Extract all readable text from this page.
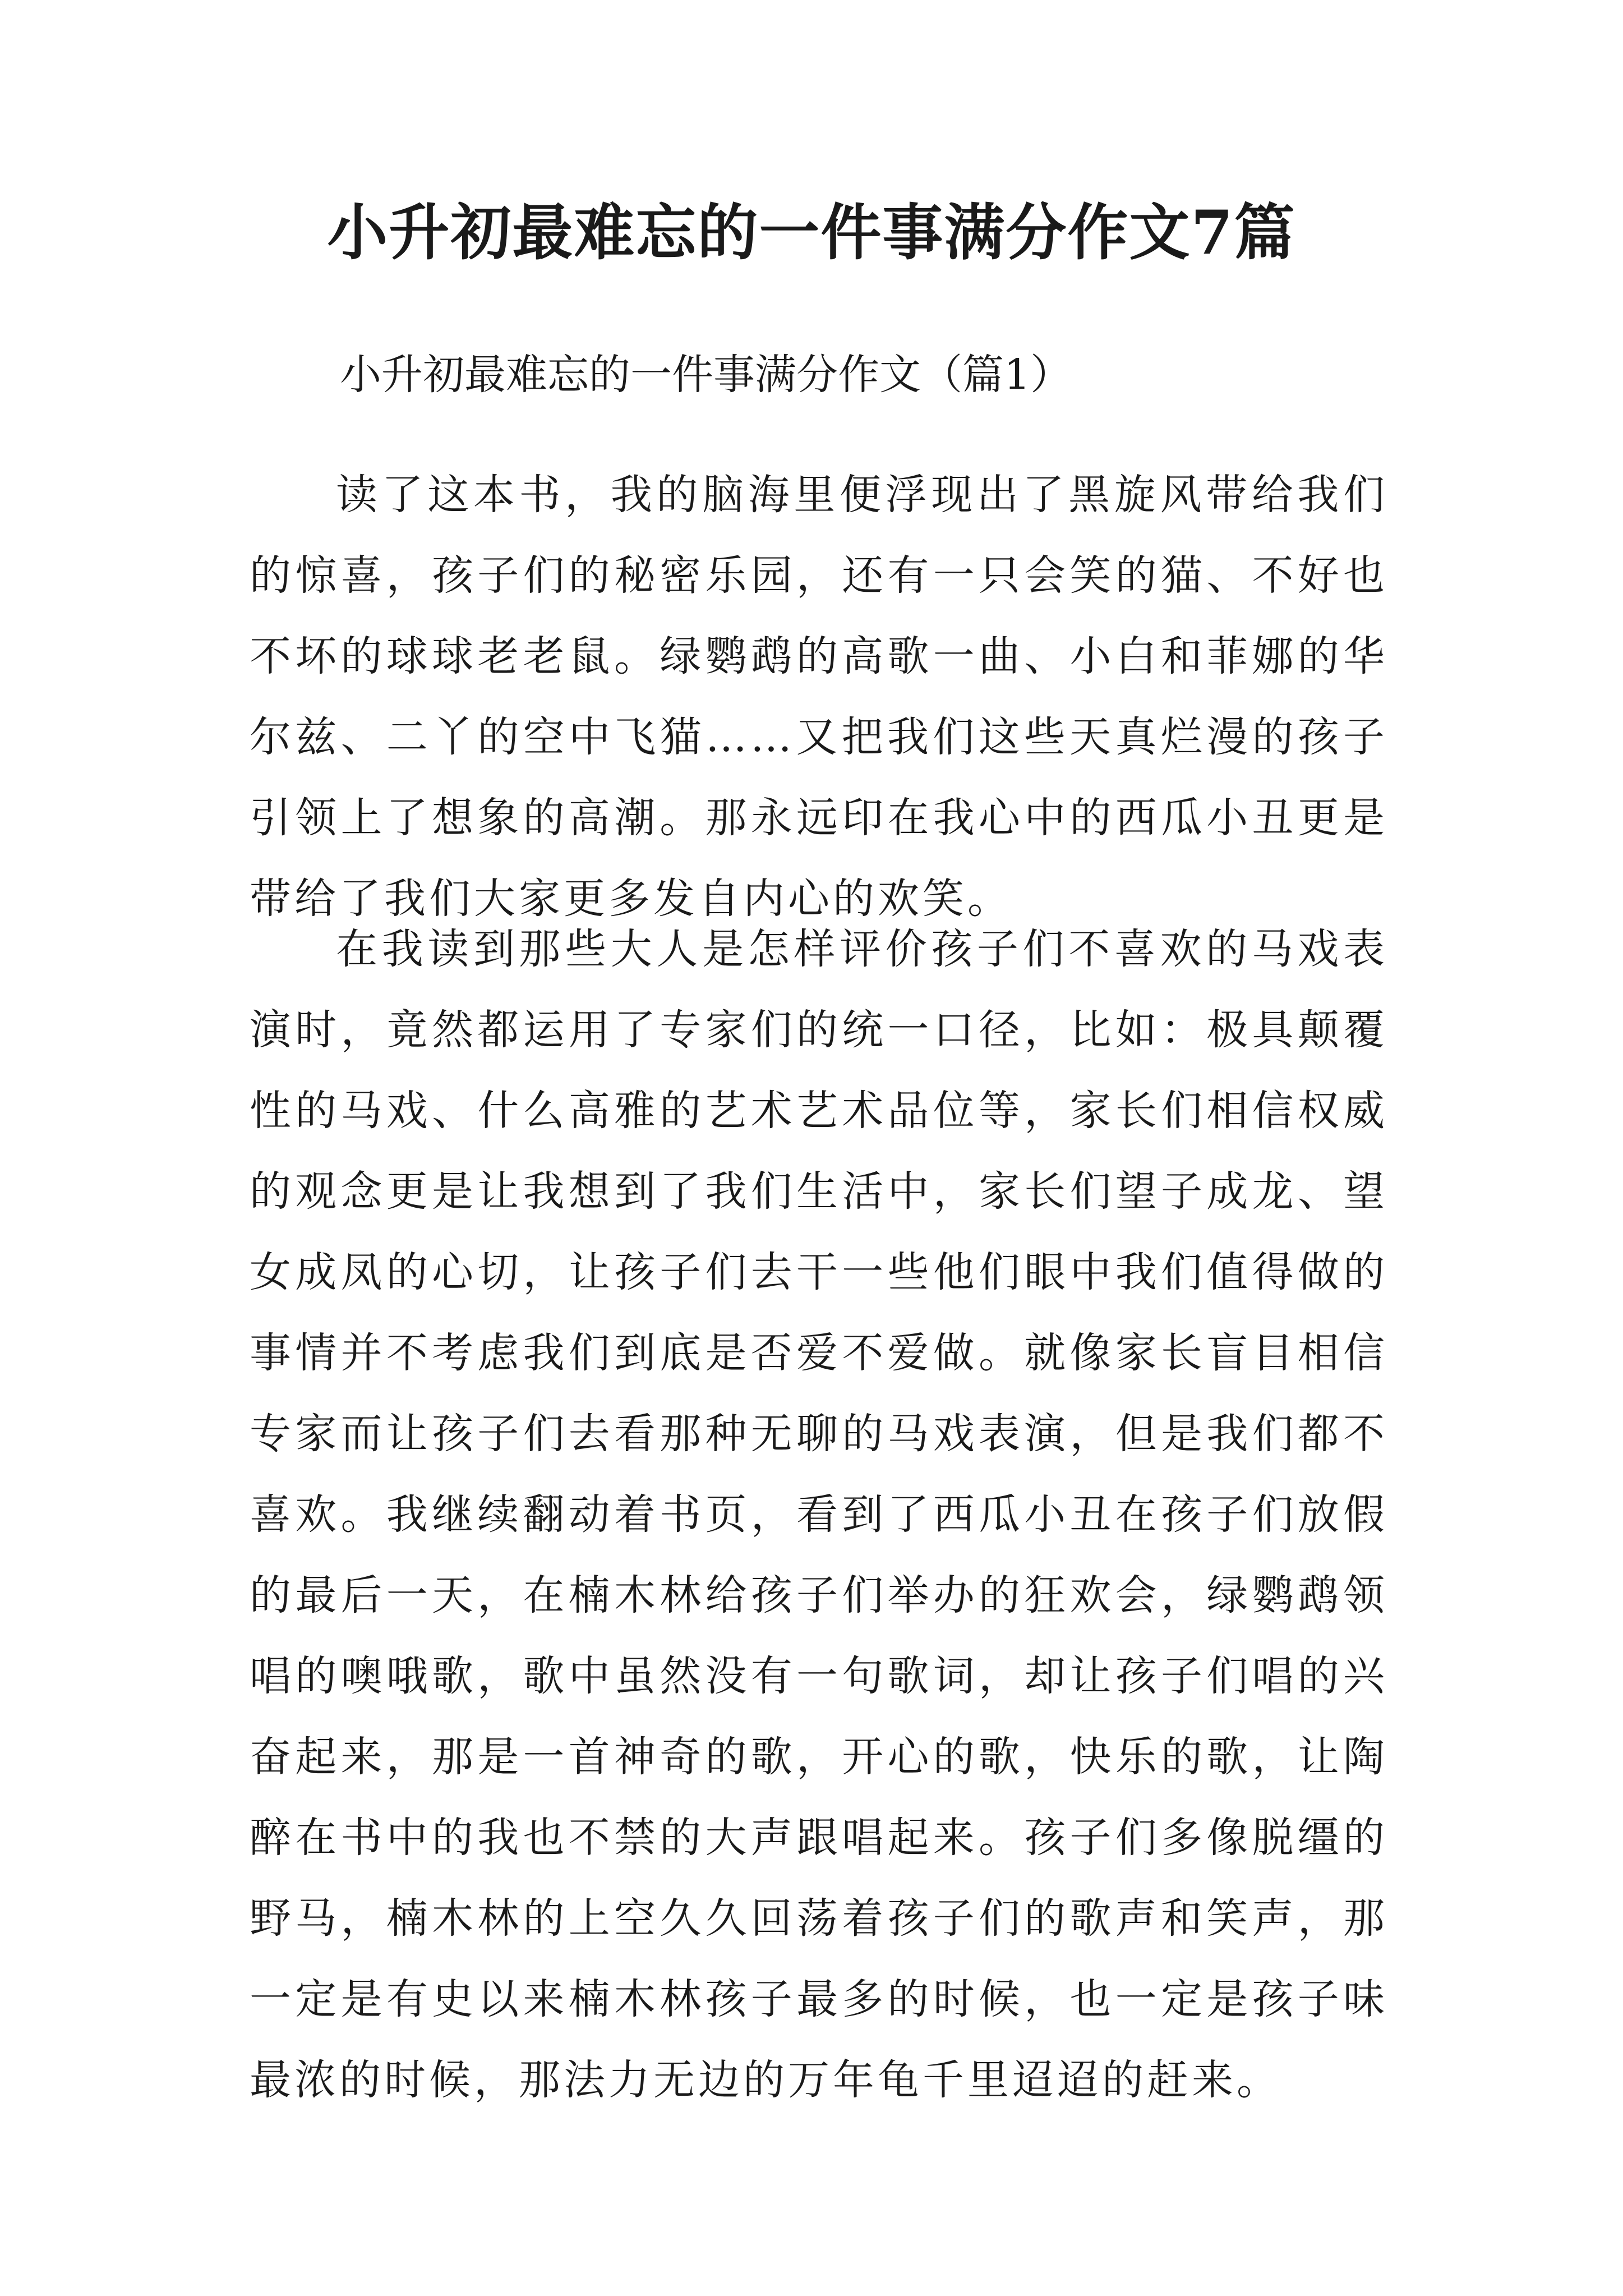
小升初最难忘的一件事满分作文7篇

小升初最难忘的一件事满分作文（篇1）

读了这本书，我的脑海里便浮现出了黑旋风带给我们的惊喜，孩子们的秘密乐园，还有一只会笑的猫、不好也不坏的球球老老鼠。绿鹦鹉的高歌一曲、小白和菲娜的华尔兹、二丫的空中飞猫……又把我们这些天真烂漫的孩子引领上了想象的高潮。那永远印在我心中的西瓜小丑更是带给了我们大家更多发自内心的欢笑。

在我读到那些大人是怎样评价孩子们不喜欢的马戏表演时，竟然都运用了专家们的统一口径，比如：极具颠覆性的马戏、什么高雅的艺术艺术品位等，家长们相信权威的观念更是让我想到了我们生活中，家长们望子成龙、望女成凤的心切，让孩子们去干一些他们眼中我们值得做的事情并不考虑我们到底是否爱不爱做。就像家长盲目相信专家而让孩子们去看那种无聊的马戏表演，但是我们都不喜欢。我继续翻动着书页，看到了西瓜小丑在孩子们放假的最后一天，在楠木林给孩子们举办的狂欢会，绿鹦鹉领唱的噢哦歌，歌中虽然没有一句歌词，却让孩子们唱的兴奋起来，那是一首神奇的歌，开心的歌，快乐的歌，让陶醉在书中的我也不禁的大声跟唱起来。孩子们多像脱缰的野马，楠木林的上空久久回荡着孩子们的歌声和笑声，那一定是有史以来楠木林孩子最多的时候，也一定是孩子味最浓的时候，那法力无边的万年龟千里迢迢的赶来。
